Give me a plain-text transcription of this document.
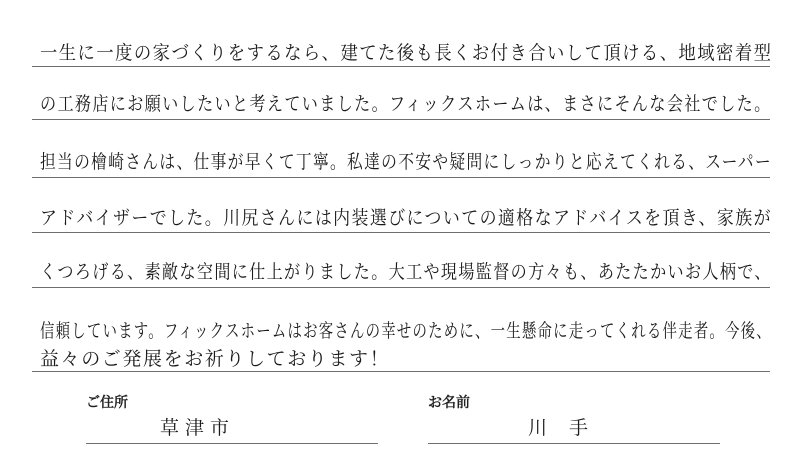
一生に一度の家づくりをするなら、建てた後も長くお付き合いして頂ける、地域密着型
の工務店にお願いしたいと考えていました。フィックスホームは、まさにそんな会社でした。
担当の檜崎さんは、仕事が早くて丁寧。私達の不安や疑問にしっかりと応えてくれる、スーパー
アドバイザーでした。川尻さんには内装選びについての適格なアドバイスを頂き、家族が
くつろげる、素敵な空間に仕上がりました。大工や現場監督の方々も、あたたかいお人柄で、
信頼しています。フィックスホームはお客さんの幸せのために、一生懸命に走ってくれる伴走者。今後、
益々のご発展をお祈りしております！
ご住所
草津市
お名前
川手
